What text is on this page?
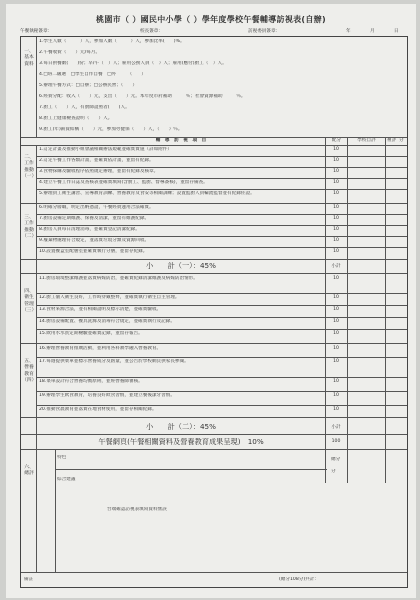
桃園市（ ）國民中小學（ ）學年度學校午餐輔導訪視表(自辦)
午餐執秘簽章：	校長簽章：	訪視委員簽章：	年	月	日
一、基本資料
1.學生人數（　　　）人，參加人數（　　　）人，參加比率(　　)%。
2.午餐收費（　　）元/每月。
3.每日供餐數(　　)份；早/午（　）人；雇用公務人員（　）人；雇用(應付)廚工（　）人。
4.□班二級選　□學生自作自餐　□外　　　（　　）
5.辦理午餐方式：□自辦；□公辦民營；（　　）
6.經費分配：收入（　　）元，支出（　　）元。本年度市府補助　　　％；社會資源補助　　　％。
7.廚工（　　）人，有廚師證照者(　　)人。
8.廚工上健康檢查證明（　　）人。
9.廚工(年)薪資結構（　　）元，參加勞健保（　　）人，（　　）％。
輔　導　訪　視　項　目	配分	學校自評	複評 分
二、工作推動（一）
1.訂定計畫及推動小組會議相關辦法規範並確實實施（詳如附件）	10
2.訂定午餐工作各類計畫，並確實依計畫，並留有紀錄。	10
3.食物採購及驗收程序依照規定辦理，並留有紀錄及核章。	10
4.建立午餐工作日誌及查核表並確實填寫(含廚工、監廚、督導簽核)，並留存備查。	10
5.辦理員工衛生講習、宣導教育訓練、營養教育及食安等相關訓練；設置監廚人員輪流監督並有紀錄佐證。	10
三、工作推動（二）
6.明確分層職，明定出納憑證，午餐經費運用合法確實。	10
7.廚房設備定期維護、保養及清潔，並留有維護紀錄。	10
8.廚房人員每日清理消毒，並確實登記清潔紀錄。	10
9.廢棄物處理符合規定，並落實垃圾分類及資源回收。	10
10.設置餐盒室配膳室並確實執行分膳，並留存紀錄。	10
小　　計（一）：45%	小計
四、衛生管理（三）
11.廚房環境整潔維護並落實病媒防治，並確實紀錄清潔維護及病媒防治情形。	10
12.廚工個人衛生良好，工作時穿戴整齊，並確實執行衛生自主管理。	10
13.食材來源合法，並有相關證明及標示清楚，並確實驗收。	10
14.廚房設備配置、餐具洗滌及消毒符合規定，並確實執行及記錄。	10
15.飲用水水質定期檢驗並確實記錄，並留存報告。	10
五、營養教育（四）
16.辦理營養教育推廣活動，並利用各科教學融入營養教育。	10
17.每週提供菜單並標示營養成分及熱量，並公告於學校網頁供家長參閱。	10
18.菜單設計符合營養均衡原則，並經營養師審核。	10
19.辦理學生飲食教育，培養良好飲食習慣，並建立餐後潔牙習慣。	10
20.推動食農教育並落實在地食材使用，並留存相關紀錄。	10
小　　計（二）：45%	小計
午餐網頁(午餐相關資料及營養教育成果呈現)　10%	100
六、總評
特色
綜合建議
台端確認訪視表填寫資料無誤
總分
分
備註	(總分108分)共計：
